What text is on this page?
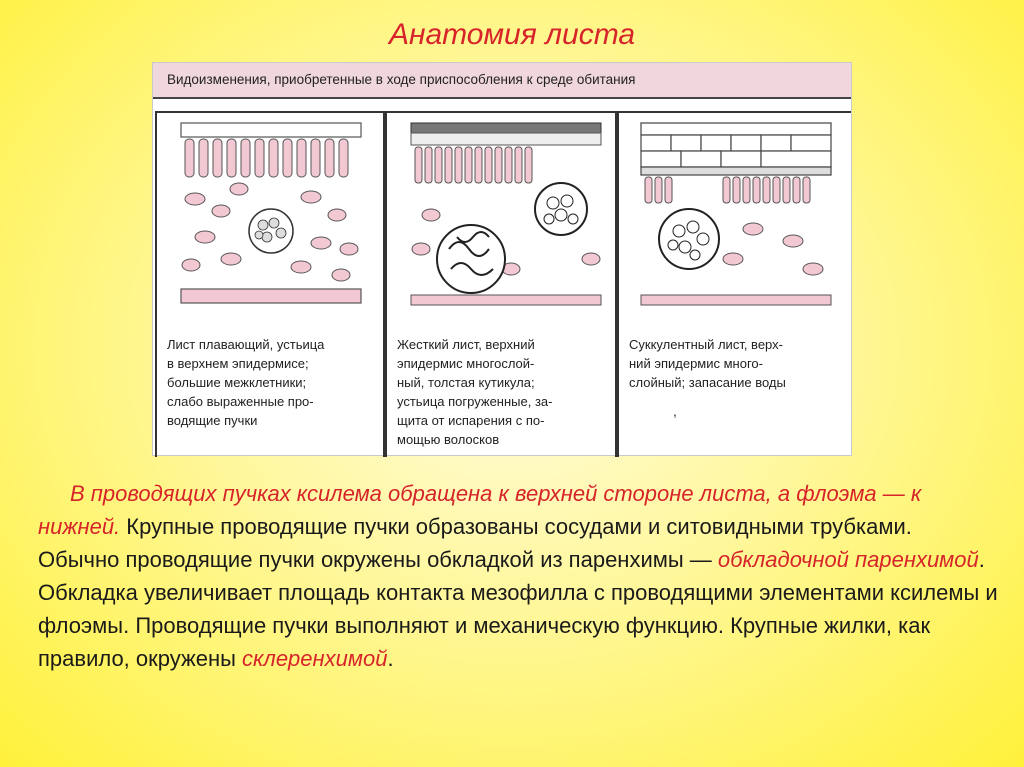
Анатомия листа
Видоизменения, приобретенные в ходе приспособления к среде обитания
Лист плавающий, устьица
в верхнем эпидермисе;
большие межклетники;
слабо выраженные про-
водящие пучки
Жесткий лист, верхний
эпидермис многослой-
ный, толстая кутикула;
устьица погруженные, за-
щита от испарения с по-
мощью волосков
Суккулентный лист, верх-
ний эпидермис много-
слойный; запасание воды
,
В проводящих пучках ксилема обращена к верхней стороне листа, а флоэма — к нижней. Крупные проводящие пучки образованы сосудами и ситовидными трубками. Обычно проводящие пучки окружены обкладкой из паренхимы — обкладочной паренхимой. Обкладка увеличивает площадь контакта мезофилла с проводящими элементами ксилемы и флоэмы. Проводящие пучки выполняют и механическую функцию. Крупные жилки, как правило, окружены склеренхимой.
